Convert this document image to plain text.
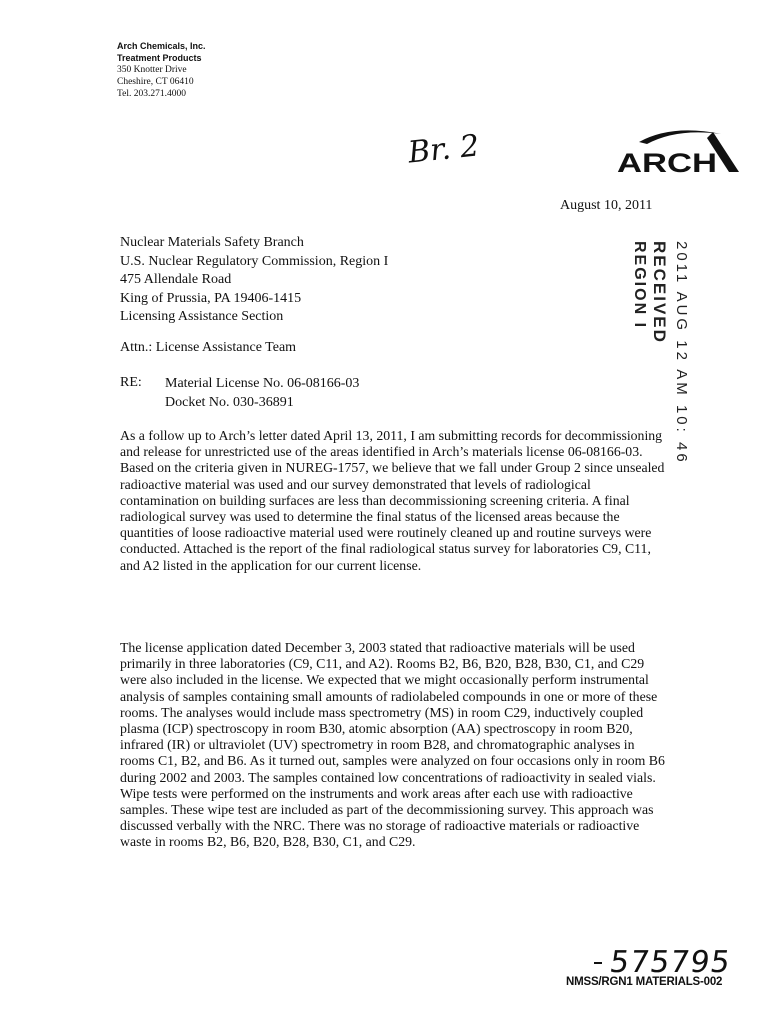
Arch Chemicals, Inc.
Treatment Products
350 Knotter Drive
Cheshire, CT 06410
Tel. 203.271.4000
Br. 2	ARCH
August 10, 2011
Nuclear Materials Safety Branch
U.S. Nuclear Regulatory Commission, Region I
475 Allendale Road
King of Prussia, PA 19406-1415
Licensing Assistance Section	2011 AUG 12 AM 10: 46
RECEIVED
REGION I
Attn.: License Assistance Team
RE: Material License No. 06-08166-03
Docket No. 030-36891

As a follow up to Arch’s letter dated April 13, 2011, I am submitting records for decommissioning and release for unrestricted use of the areas identified in Arch’s materials license 06-08166-03. Based on the criteria given in NUREG-1757, we believe that we fall under Group 2 since unsealed radioactive material was used and our survey demonstrated that levels of radiological contamination on building surfaces are less than decommissioning screening criteria. A final radiological survey was used to determine the final status of the licensed areas because the quantities of loose radioactive material used were routinely cleaned up and routine surveys were conducted. Attached is the report of the final radiological status survey for laboratories C9, C11, and A2 listed in the application for our current license.

The license application dated December 3, 2003 stated that radioactive materials will be used primarily in three laboratories (C9, C11, and A2). Rooms B2, B6, B20, B28, B30, C1, and C29 were also included in the license. We expected that we might occasionally perform instrumental analysis of samples containing small amounts of radiolabeled compounds in one or more of these rooms. The analyses would include mass spectrometry (MS) in room C29, inductively coupled plasma (ICP) spectroscopy in room B30, atomic absorption (AA) spectroscopy in room B20, infrared (IR) or ultraviolet (UV) spectrometry in room B28, and chromatographic analyses in rooms C1, B2, and B6. As it turned out, samples were analyzed on four occasions only in room B6 during 2002 and 2003. The samples contained low concentrations of radioactivity in sealed vials. Wipe tests were performed on the instruments and work areas after each use with radioactive samples. These wipe test are included as part of the decommissioning survey. This approach was discussed verbally with the NRC. There was no storage of radioactive materials or radioactive waste in rooms B2, B6, B20, B28, B30, C1, and C29.

575795
NMSS/RGN1 MATERIALS-002
